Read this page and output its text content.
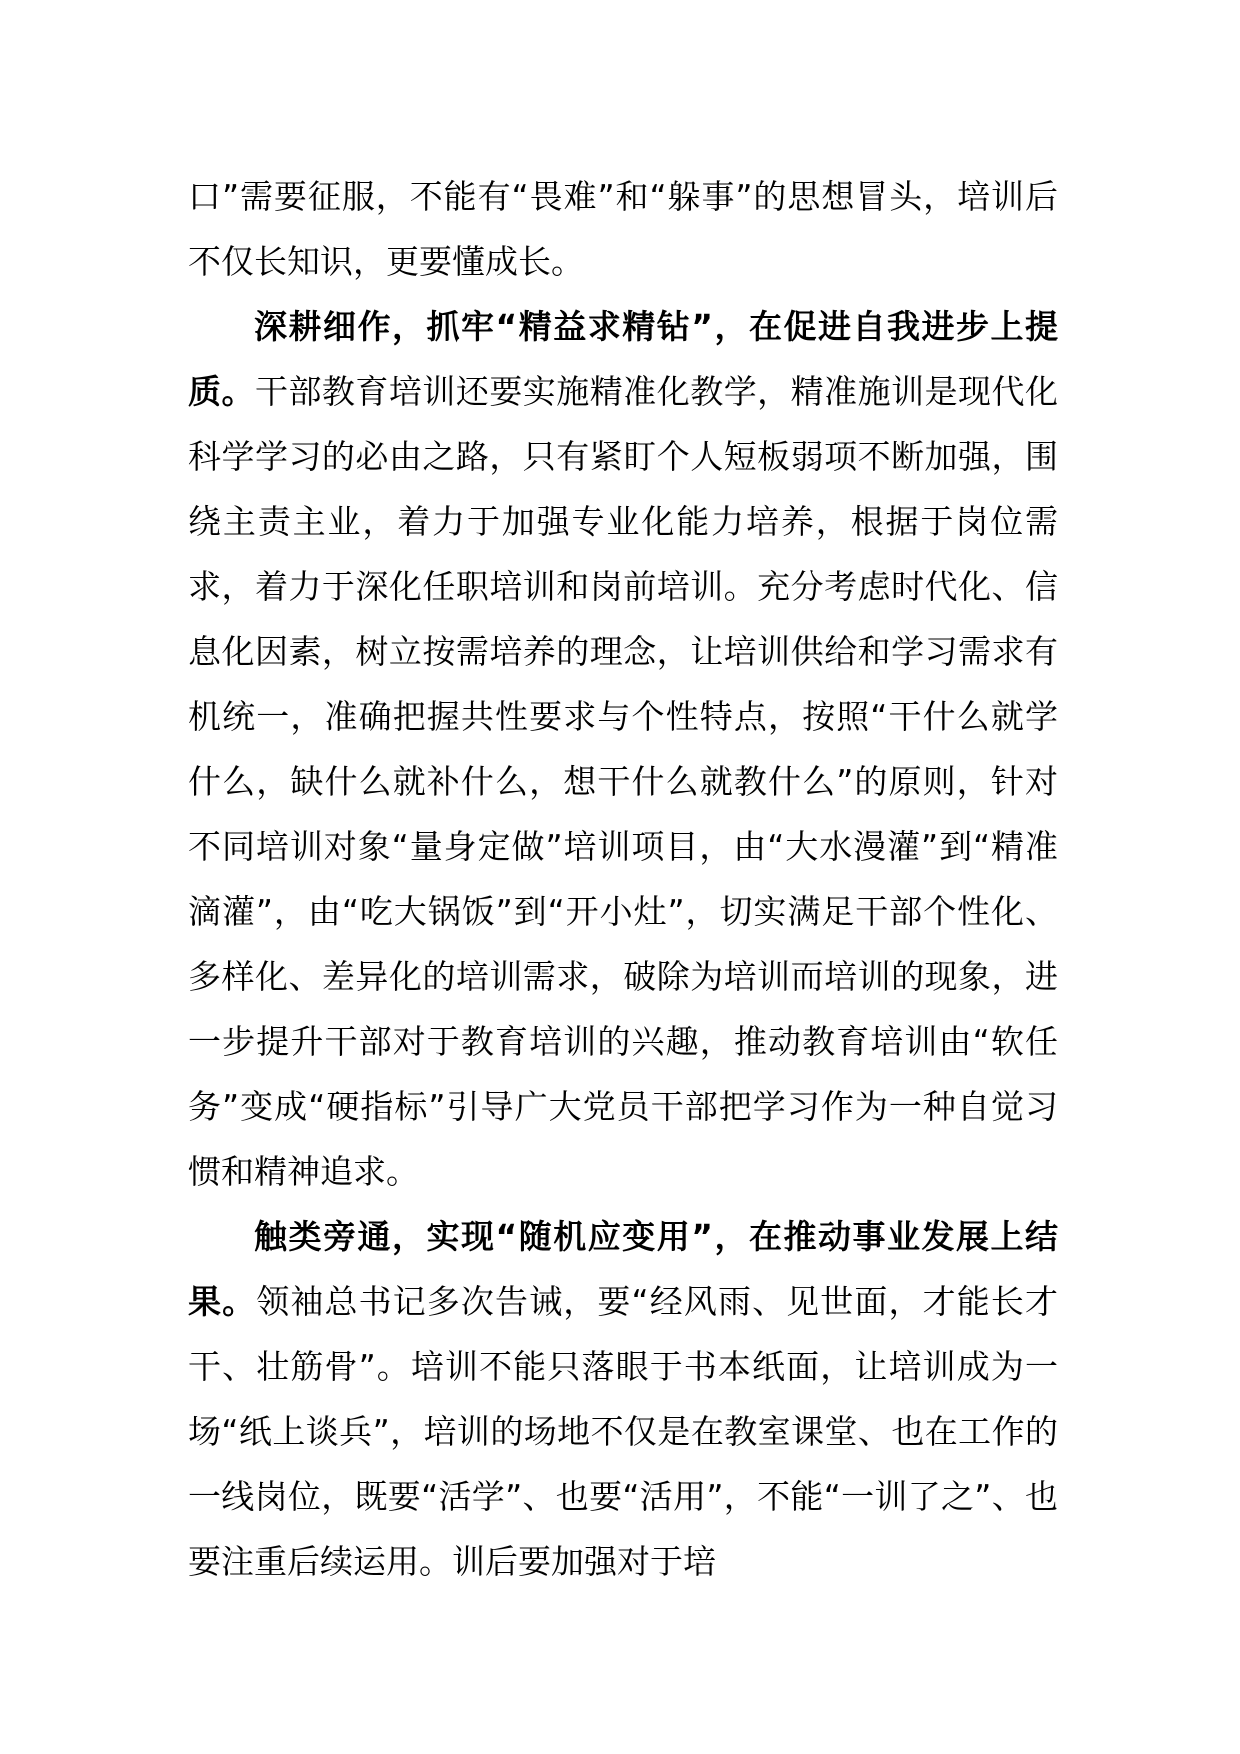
口”需要征服，不能有“畏难”和“躲事”的思想冒头，培训后不仅长知识，更要懂成长。

深耕细作，抓牢“精益求精钻”，在促进自我进步上提质。干部教育培训还要实施精准化教学，精准施训是现代化科学学习的必由之路，只有紧盯个人短板弱项不断加强，围绕主责主业，着力于加强专业化能力培养，根据于岗位需求，着力于深化任职培训和岗前培训。充分考虑时代化、信息化因素，树立按需培养的理念，让培训供给和学习需求有机统一，准确把握共性要求与个性特点，按照“干什么就学什么，缺什么就补什么，想干什么就教什么”的原则，针对不同培训对象“量身定做”培训项目，由“大水漫灌”到“精准滴灌”，由“吃大锅饭”到“开小灶”，切实满足干部个性化、多样化、差异化的培训需求，破除为培训而培训的现象，进一步提升干部对于教育培训的兴趣，推动教育培训由“软任务”变成“硬指标”引导广大党员干部把学习作为一种自觉习惯和精神追求。

触类旁通，实现“随机应变用”，在推动事业发展上结果。领袖总书记多次告诫，要“经风雨、见世面，才能长才干、壮筋骨”。培训不能只落眼于书本纸面，让培训成为一场“纸上谈兵”，培训的场地不仅是在教室课堂、也在工作的一线岗位，既要“活学”、也要“活用”，不能“一训了之”、也要注重后续运用。训后要加强对于培
